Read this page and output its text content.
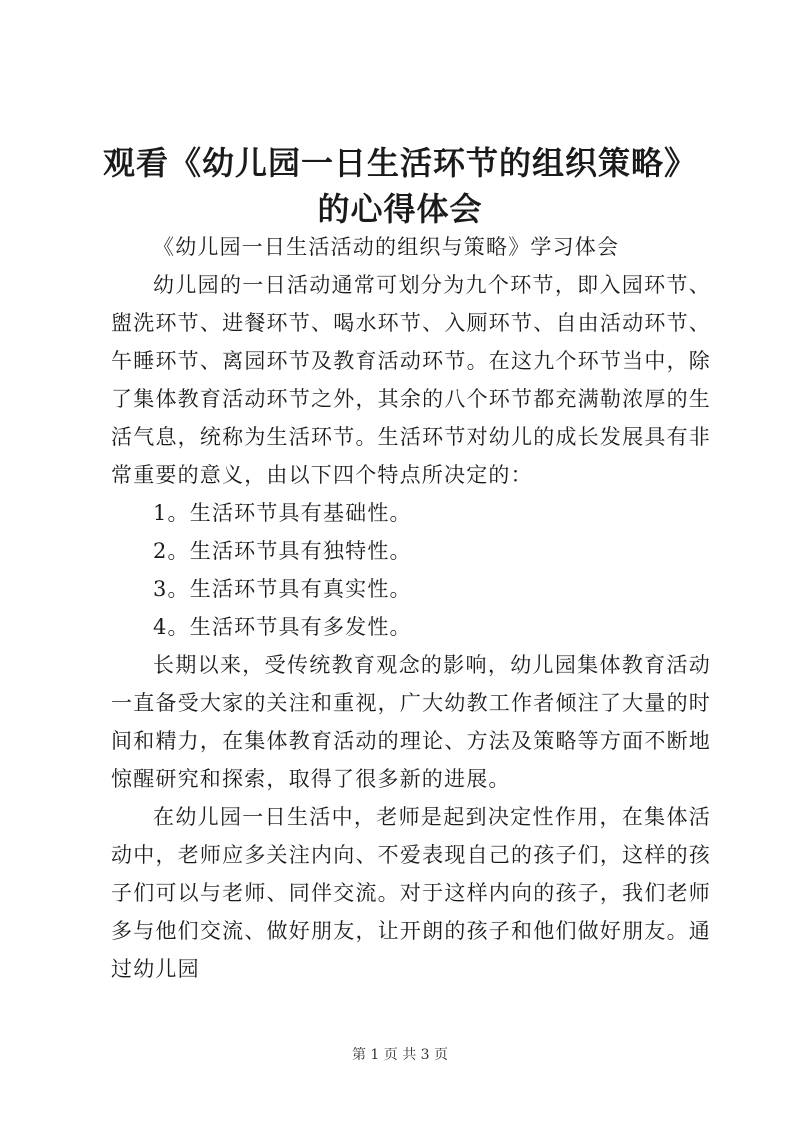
观看《幼儿园一日生活环节的组织策略》的心得体会

《幼儿园一日生活活动的组织与策略》学习体会

幼儿园的一日活动通常可划分为九个环节，即入园环节、盥洗环节、进餐环节、喝水环节、入厕环节、自由活动环节、午睡环节、离园环节及教育活动环节。在这九个环节当中，除了集体教育活动环节之外，其余的八个环节都充满勒浓厚的生活气息，统称为生活环节。生活环节对幼儿的成长发展具有非常重要的意义，由以下四个特点所决定的：

1。生活环节具有基础性。

2。生活环节具有独特性。

3。生活环节具有真实性。

4。生活环节具有多发性。

长期以来，受传统教育观念的影响，幼儿园集体教育活动一直备受大家的关注和重视，广大幼教工作者倾注了大量的时间和精力，在集体教育活动的理论、方法及策略等方面不断地惊醒研究和探索，取得了很多新的进展。

在幼儿园一日生活中，老师是起到决定性作用，在集体活动中，老师应多关注内向、不爱表现自己的孩子们，这样的孩子们可以与老师、同伴交流。对于这样内向的孩子，我们老师多与他们交流、做好朋友，让开朗的孩子和他们做好朋友。通过幼儿园

第 1 页 共 3 页
